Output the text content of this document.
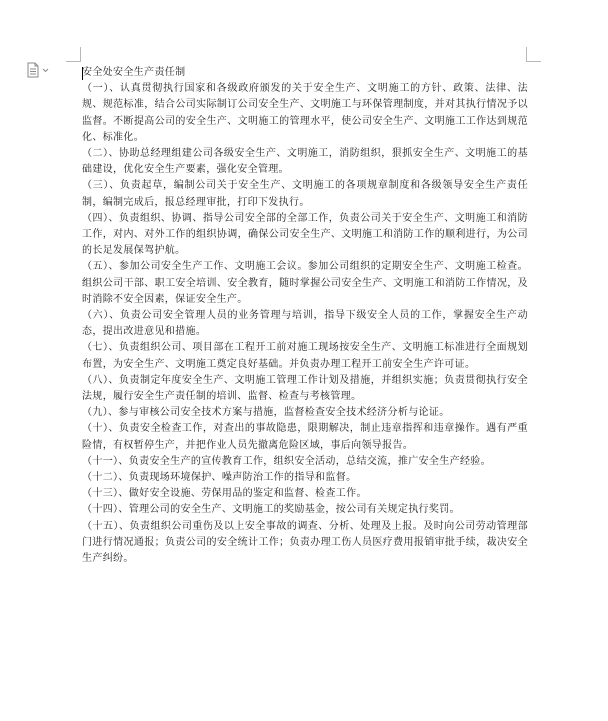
安全处安全生产责任制

（一）、认真贯彻执行国家和各级政府颁发的关于安全生产、文明施工的方针、政策、法律、法规、规范标准，结合公司实际制订公司安全生产、文明施工与环保管理制度，并对其执行情况予以监督。不断提高公司的安全生产、文明施工的管理水平，使公司安全生产、文明施工工作达到规范化、标准化。

（二）、协助总经理组建公司各级安全生产、文明施工，消防组织，狠抓安全生产、文明施工的基础建设，优化安全生产要素，强化安全管理。

（三）、负责起草，编制公司关于安全生产、文明施工的各项规章制度和各级领导安全生产责任制，编制完成后，报总经理审批，打印下发执行。

（四）、负责组织、协调、指导公司安全部的全部工作，负责公司关于安全生产、文明施工和消防工作，对内、对外工作的组织协调，确保公司安全生产、文明施工和消防工作的顺利进行，为公司的长足发展保驾护航。

（五）、参加公司安全生产工作、文明施工会议。参加公司组织的定期安全生产、文明施工检查。组织公司干部、职工安全培训、安全教育，随时掌握公司安全生产、文明施工和消防工作情况，及时消除不安全因素，保证安全生产。

（六）、负责公司安全管理人员的业务管理与培训，指导下级安全人员的工作，掌握安全生产动态，提出改进意见和措施。

（七）、负责组织公司、项目部在工程开工前对施工现场按安全生产、文明施工标准进行全面规划布置，为安全生产、文明施工奠定良好基础。并负责办理工程开工前安全生产许可证。

（八）、负责制定年度安全生产、文明施工管理工作计划及措施，并组织实施；负责贯彻执行安全法规，履行安全生产责任制的培训、监督、检查与考核管理。

（九）、参与审核公司安全技术方案与措施，监督检查安全技术经济分析与论证。

（十）、负责安全检查工作，对查出的事故隐患，限期解决，制止违章指挥和违章操作。遇有严重险情，有权暂停生产，并把作业人员先撤离危险区域，事后向领导报告。

（十一）、负责安全生产的宣传教育工作，组织安全活动，总结交流，推广安全生产经验。

（十二）、负责现场环境保护、噪声防治工作的指导和监督。

（十三）、做好安全设施、劳保用品的鉴定和监督、检查工作。

（十四）、管理公司的安全生产、文明施工的奖励基金，按公司有关规定执行奖罚。

（十五）、负责组织公司重伤及以上安全事故的调查、分析、处理及上报。及时向公司劳动管理部门进行情况通报；负责公司的安全统计工作；负责办理工伤人员医疗费用报销审批手续，裁决安全生产纠纷。
